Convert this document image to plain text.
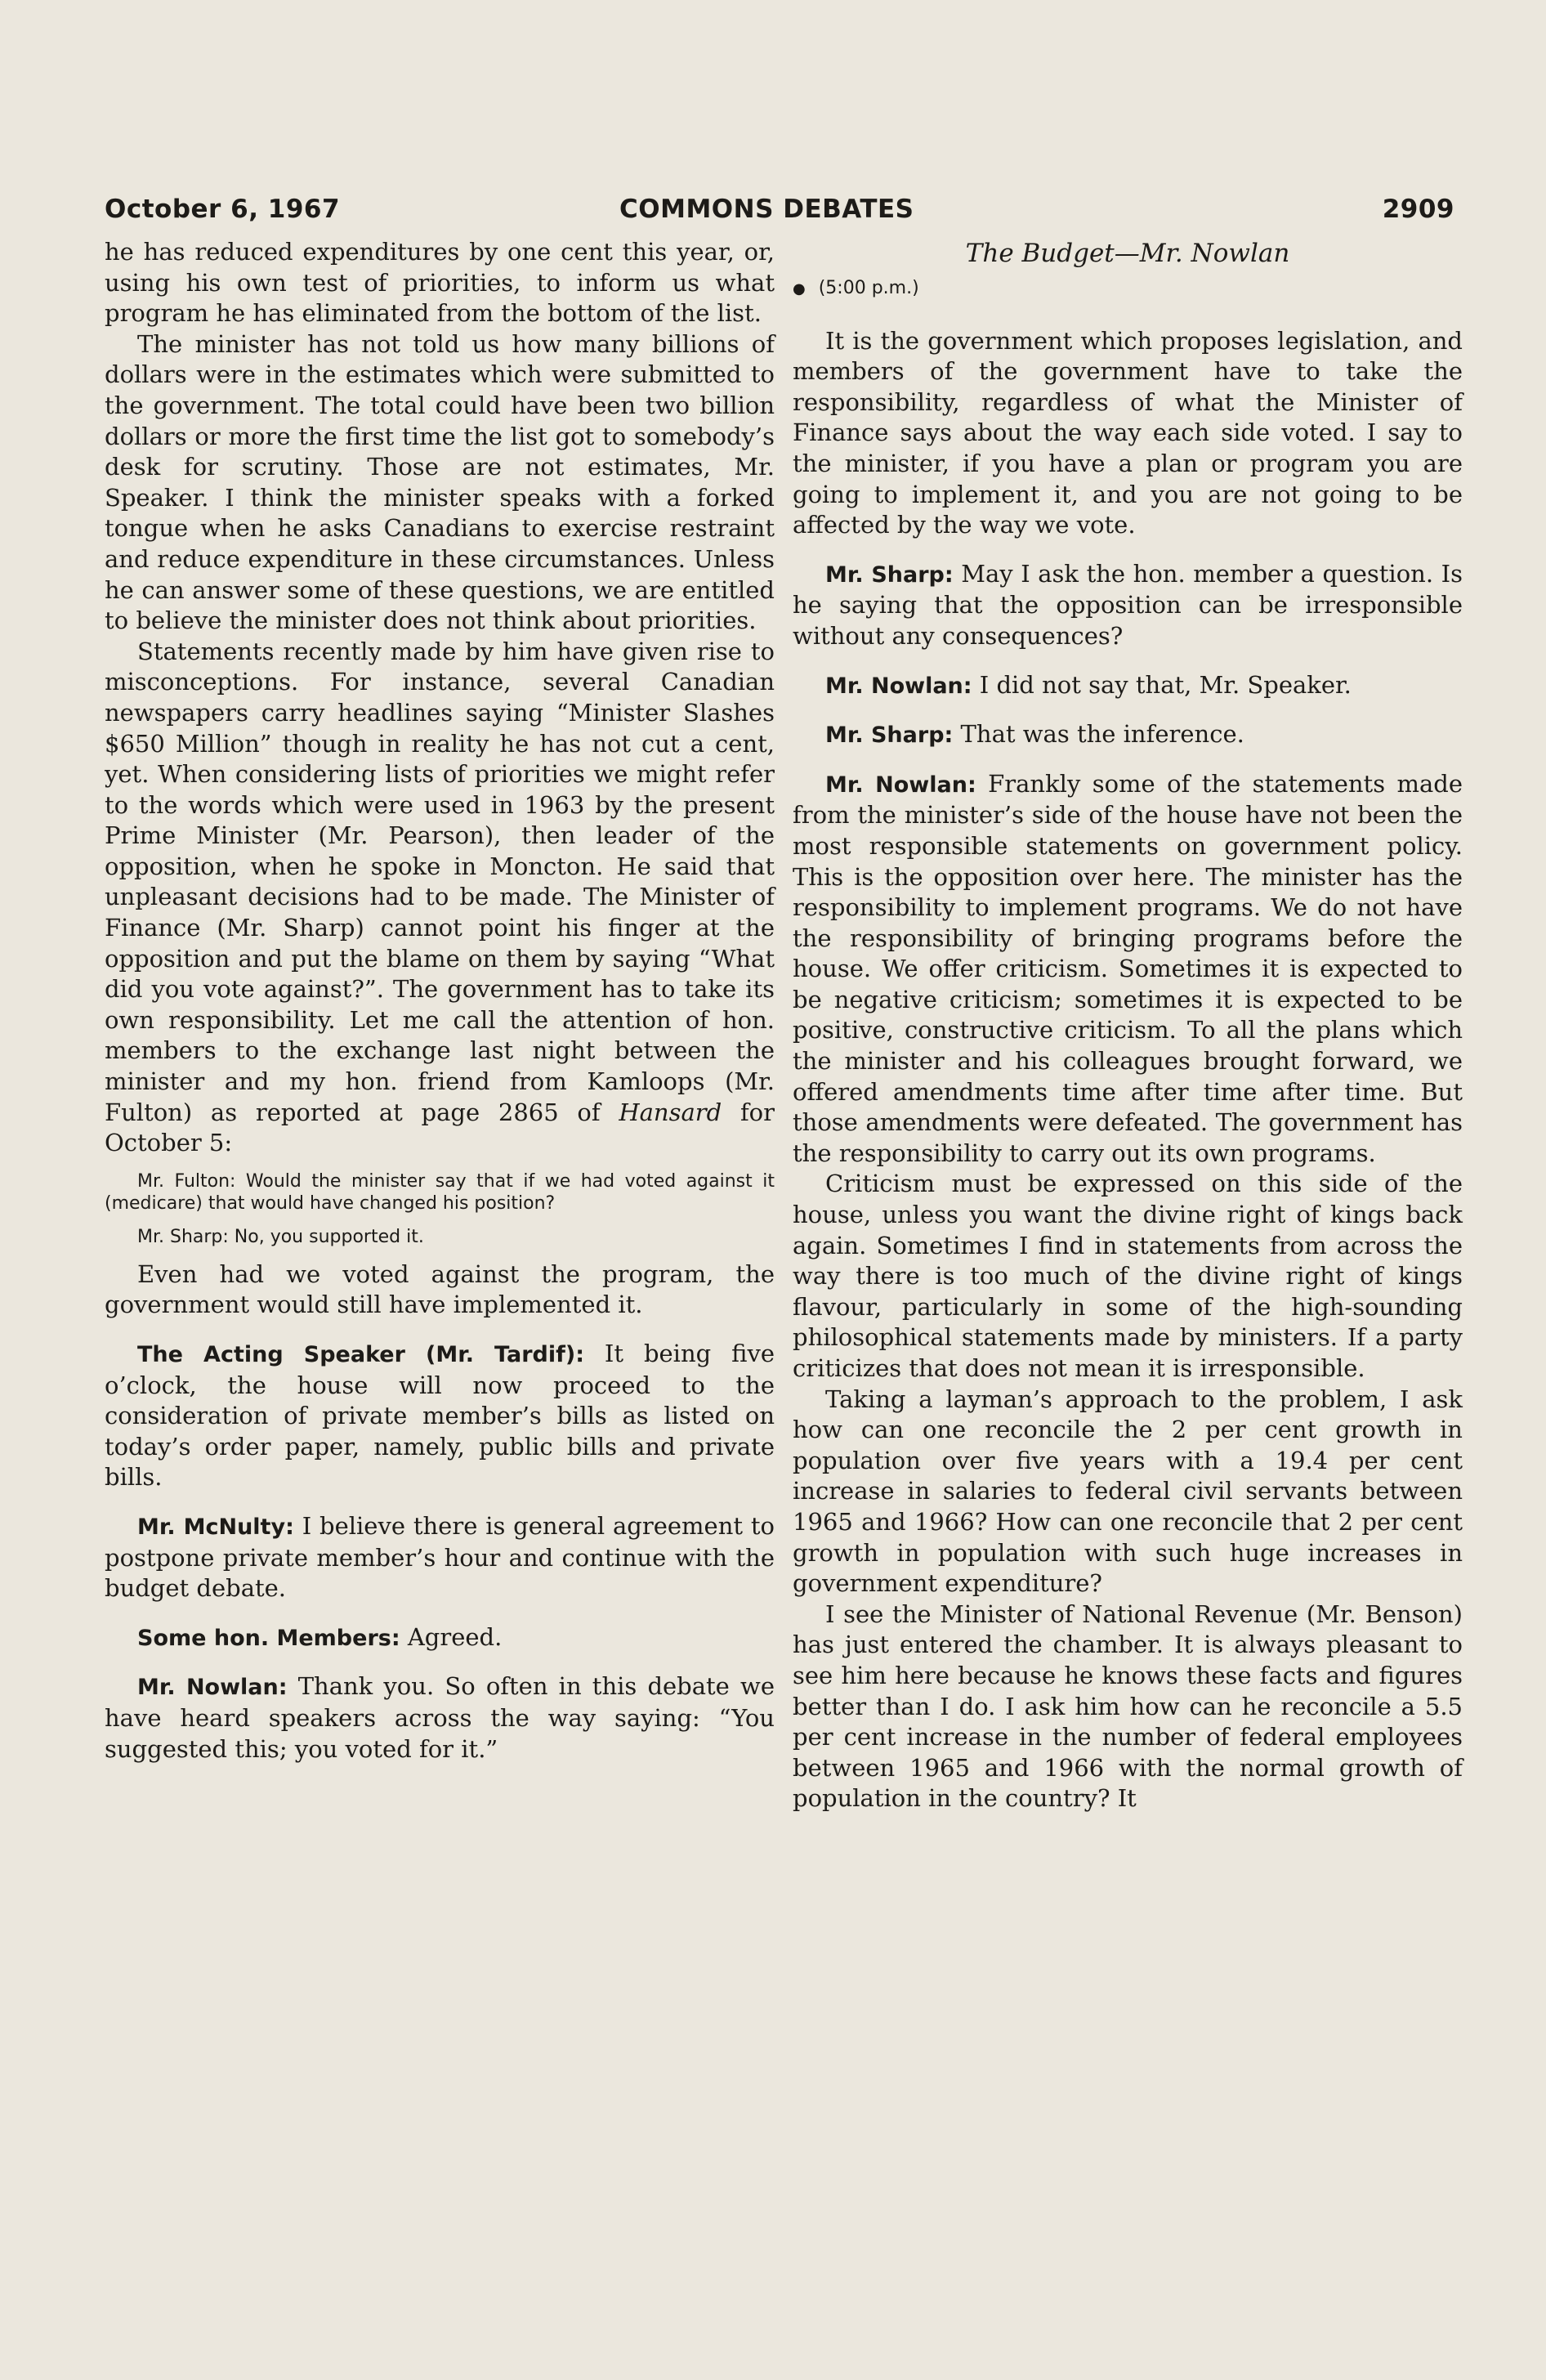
October 6, 1967	COMMONS DEBATES	2909

he has reduced expenditures by one cent this year, or, using his own test of priorities, to inform us what program he has eliminated from the bottom of the list.

The minister has not told us how many billions of dollars were in the estimates which were submitted to the government. The total could have been two billion dollars or more the first time the list got to somebody’s desk for scrutiny. Those are not estimates, Mr. Speaker. I think the minister speaks with a forked tongue when he asks Canadians to exercise restraint and reduce expenditure in these circumstances. Unless he can answer some of these questions, we are entitled to believe the minister does not think about priorities.

Statements recently made by him have given rise to misconceptions. For instance, several Canadian newspapers carry headlines saying “Minister Slashes $650 Million” though in reality he has not cut a cent, yet. When considering lists of priorities we might refer to the words which were used in 1963 by the present Prime Minister (Mr. Pearson), then leader of the opposition, when he spoke in Moncton. He said that unpleasant decisions had to be made. The Minister of Finance (Mr. Sharp) cannot point his finger at the opposition and put the blame on them by saying “What did you vote against?”. The government has to take its own responsibility. Let me call the attention of hon. members to the exchange last night between the minister and my hon. friend from Kamloops (Mr. Fulton) as reported at page 2865 of Hansard for October 5:

Mr. Fulton: Would the minister say that if we had voted against it (medicare) that would have changed his position?

Mr. Sharp: No, you supported it.

Even had we voted against the program, the government would still have implemented it.

The Acting Speaker (Mr. Tardif): It being five o’clock, the house will now proceed to the consideration of private member’s bills as listed on today’s order paper, namely, public bills and private bills.

Mr. McNulty: I believe there is general agreement to postpone private member’s hour and continue with the budget debate.

Some hon. Members: Agreed.

Mr. Nowlan: Thank you. So often in this debate we have heard speakers across the way saying: “You suggested this; you voted for it.”

The Budget—Mr. Nowlan

● (5:00 p.m.)

It is the government which proposes legislation, and members of the government have to take the responsibility, regardless of what the Minister of Finance says about the way each side voted. I say to the minister, if you have a plan or program you are going to implement it, and you are not going to be affected by the way we vote.

Mr. Sharp: May I ask the hon. member a question. Is he saying that the opposition can be irresponsible without any consequences?

Mr. Nowlan: I did not say that, Mr. Speaker.

Mr. Sharp: That was the inference.

Mr. Nowlan: Frankly some of the statements made from the minister’s side of the house have not been the most responsible statements on government policy. This is the opposition over here. The minister has the responsibility to implement programs. We do not have the responsibility of bringing programs before the house. We offer criticism. Sometimes it is expected to be negative criticism; sometimes it is expected to be positive, constructive criticism. To all the plans which the minister and his colleagues brought forward, we offered amendments time after time after time. But those amendments were defeated. The government has the responsibility to carry out its own programs.

Criticism must be expressed on this side of the house, unless you want the divine right of kings back again. Sometimes I find in statements from across the way there is too much of the divine right of kings flavour, particularly in some of the high-sounding philosophical statements made by ministers. If a party criticizes that does not mean it is irresponsible.

Taking a layman’s approach to the problem, I ask how can one reconcile the 2 per cent growth in population over five years with a 19.4 per cent increase in salaries to federal civil servants between 1965 and 1966? How can one reconcile that 2 per cent growth in population with such huge increases in government expenditure?

I see the Minister of National Revenue (Mr. Benson) has just entered the chamber. It is always pleasant to see him here because he knows these facts and figures better than I do. I ask him how can he reconcile a 5.5 per cent increase in the number of federal employees between 1965 and 1966 with the normal growth of population in the country? It
